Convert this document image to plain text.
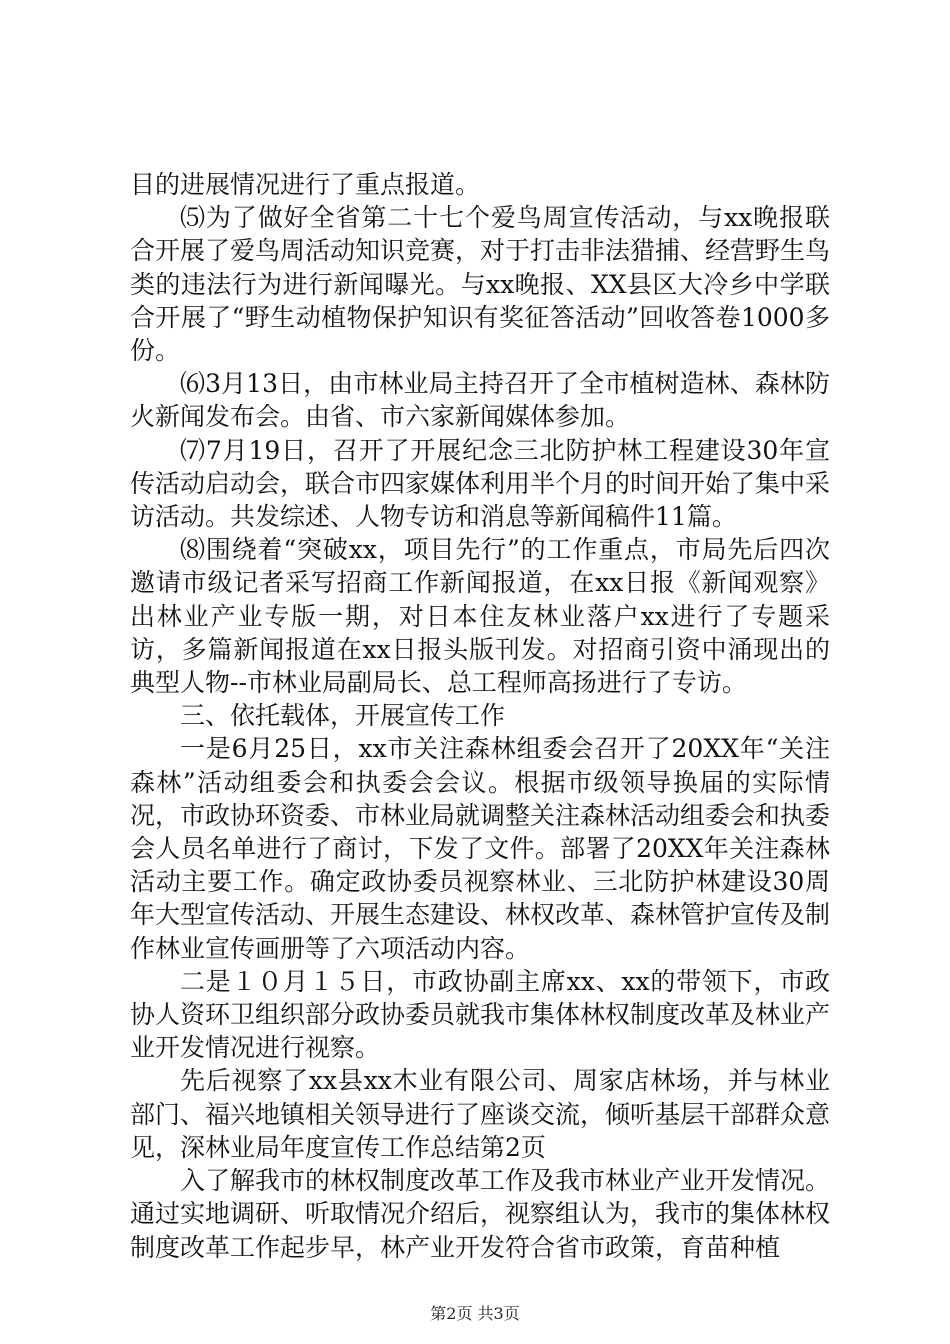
目的进展情况进行了重点报道。

⑸为了做好全省第二十七个爱鸟周宣传活动，与xx晚报联合开展了爱鸟周活动知识竞赛，对于打击非法猎捕、经营野生鸟类的违法行为进行新闻曝光。与xx晚报、XX县区大冷乡中学联合开展了“野生动植物保护知识有奖征答活动”回收答卷1000多份。

⑹3月13日，由市林业局主持召开了全市植树造林、森林防火新闻发布会。由省、市六家新闻媒体参加。

⑺7月19日，召开了开展纪念三北防护林工程建设30年宣传活动启动会，联合市四家媒体利用半个月的时间开始了集中采访活动。共发综述、人物专访和消息等新闻稿件11篇。

⑻围绕着“突破xx，项目先行”的工作重点，市局先后四次邀请市级记者采写招商工作新闻报道，在xx日报《新闻观察》出林业产业专版一期，对日本住友林业落户xx进行了专题采访，多篇新闻报道在xx日报头版刊发。对招商引资中涌现出的典型人物--市林业局副局长、总工程师高扬进行了专访。

三、依托载体，开展宣传工作

一是6月25日，xx市关注森林组委会召开了20XX年“关注森林”活动组委会和执委会会议。根据市级领导换届的实际情况，市政协环资委、市林业局就调整关注森林活动组委会和执委会人员名单进行了商讨，下发了文件。部署了20XX年关注森林活动主要工作。确定政协委员视察林业、三北防护林建设30周年大型宣传活动、开展生态建设、林权改革、森林管护宣传及制作林业宣传画册等了六项活动内容。

二是１０月１５日，市政协副主席xx、xx的带领下，市政协人资环卫组织部分政协委员就我市集体林权制度改革及林业产业开发情况进行视察。

先后视察了xx县xx木业有限公司、周家店林场，并与林业部门、福兴地镇相关领导进行了座谈交流，倾听基层干部群众意见，深林业局年度宣传工作总结第2页

入了解我市的林权制度改革工作及我市林业产业开发情况。通过实地调研、听取情况介绍后，视察组认为，我市的集体林权制度改革工作起步早，林产业开发符合省市政策，育苗种植

第2页 共3页
